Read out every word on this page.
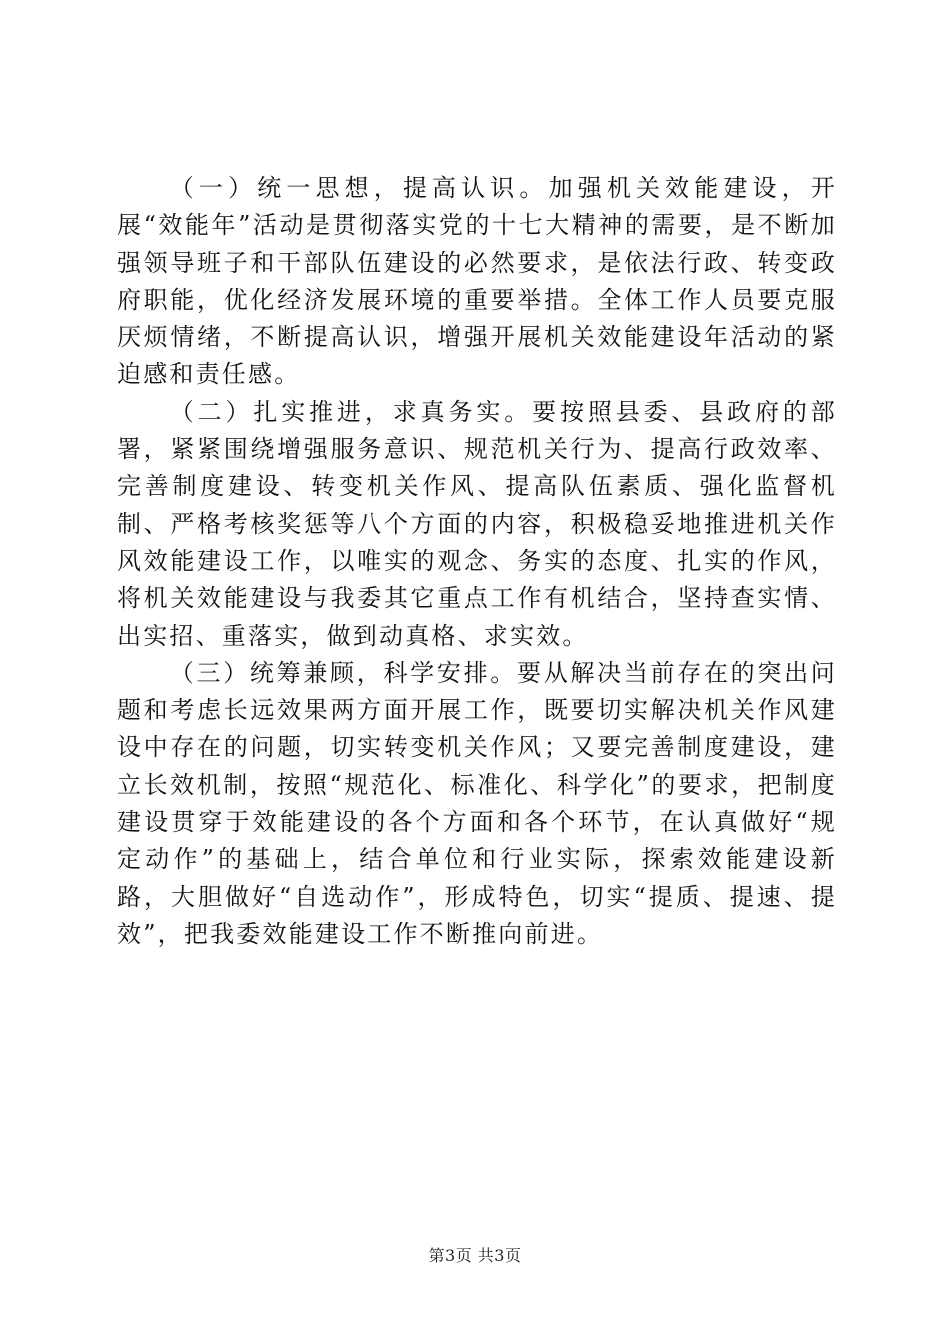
（一）统一思想，提高认识。加强机关效能建设，开展“效能年”活动是贯彻落实党的十七大精神的需要，是不断加强领导班子和干部队伍建设的必然要求，是依法行政、转变政府职能，优化经济发展环境的重要举措。全体工作人员要克服厌烦情绪，不断提高认识，增强开展机关效能建设年活动的紧迫感和责任感。

（二）扎实推进，求真务实。要按照县委、县政府的部署，紧紧围绕增强服务意识、规范机关行为、提高行政效率、完善制度建设、转变机关作风、提高队伍素质、强化监督机制、严格考核奖惩等八个方面的内容，积极稳妥地推进机关作风效能建设工作，以唯实的观念、务实的态度、扎实的作风，将机关效能建设与我委其它重点工作有机结合，坚持查实情、出实招、重落实，做到动真格、求实效。

（三）统筹兼顾，科学安排。要从解决当前存在的突出问题和考虑长远效果两方面开展工作，既要切实解决机关作风建设中存在的问题，切实转变机关作风；又要完善制度建设，建立长效机制，按照“规范化、标准化、科学化”的要求，把制度建设贯穿于效能建设的各个方面和各个环节，在认真做好“规定动作”的基础上，结合单位和行业实际，探索效能建设新路，大胆做好“自选动作”，形成特色，切实“提质、提速、提效”，把我委效能建设工作不断推向前进。

第3页 共3页
